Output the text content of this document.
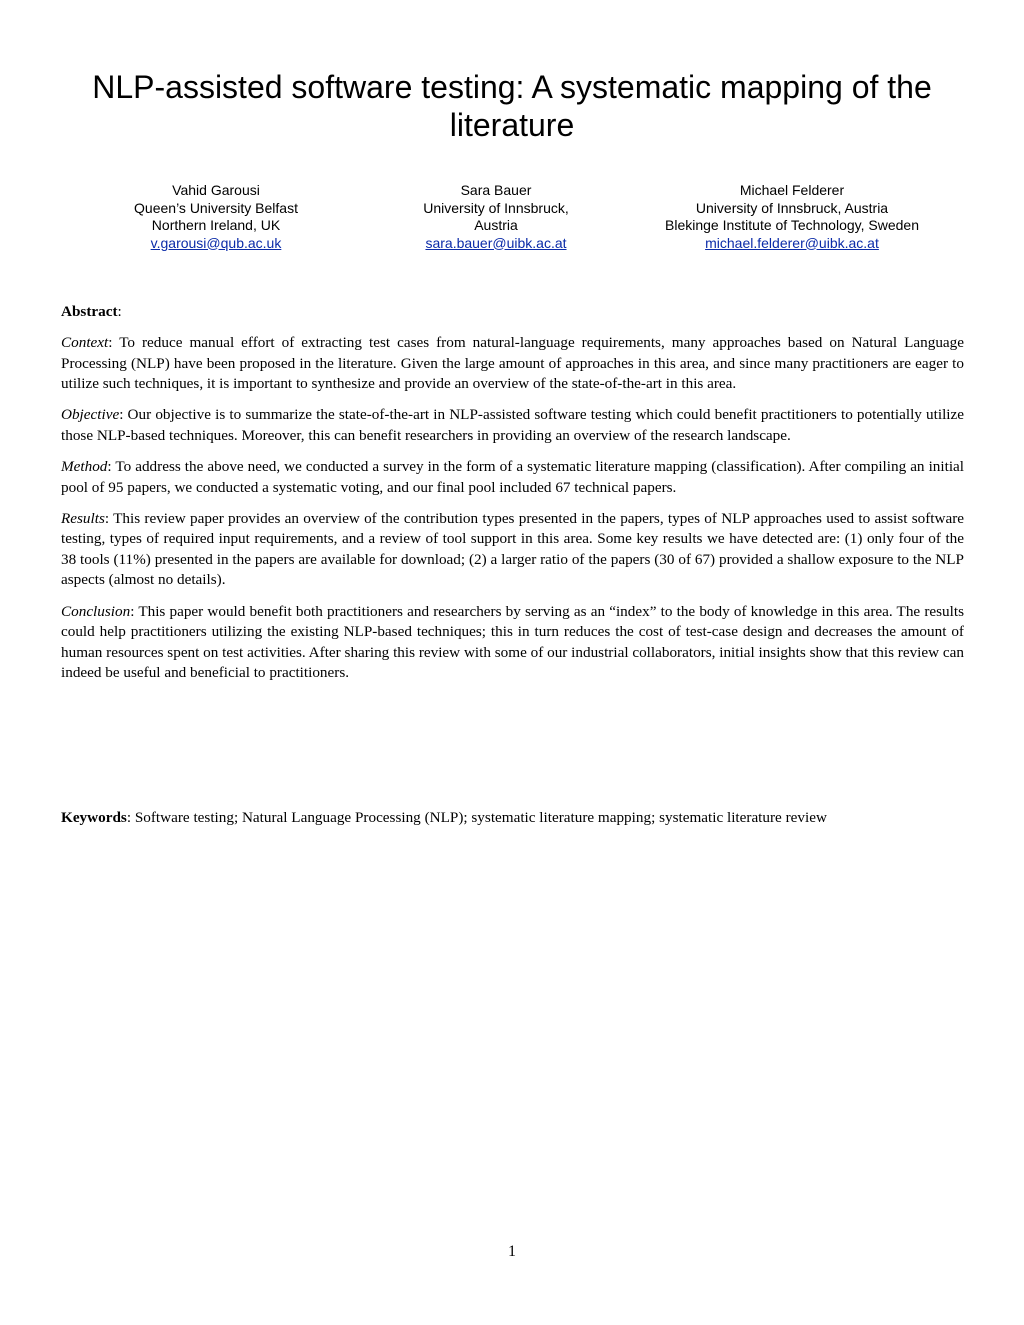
NLP-assisted software testing: A systematic mapping of the literature
Vahid Garousi
Queen’s University Belfast
Northern Ireland, UK
v.garousi@qub.ac.uk
Sara Bauer
University of Innsbruck,
Austria
sara.bauer@uibk.ac.at
Michael Felderer
University of Innsbruck, Austria
Blekinge Institute of Technology, Sweden
michael.felderer@uibk.ac.at
Abstract:

Context: To reduce manual effort of extracting test cases from natural-language requirements, many approaches based on Natural Language Processing (NLP) have been proposed in the literature. Given the large amount of approaches in this area, and since many practitioners are eager to utilize such techniques, it is important to synthesize and provide an overview of the state-of-the-art in this area.

Objective: Our objective is to summarize the state-of-the-art in NLP-assisted software testing which could benefit practitioners to potentially utilize those NLP-based techniques. Moreover, this can benefit researchers in providing an overview of the research landscape.

Method: To address the above need, we conducted a survey in the form of a systematic literature mapping (classification). After compiling an initial pool of 95 papers, we conducted a systematic voting, and our final pool included 67 technical papers.

Results: This review paper provides an overview of the contribution types presented in the papers, types of NLP approaches used to assist software testing, types of required input requirements, and a review of tool support in this area. Some key results we have detected are: (1) only four of the 38 tools (11%) presented in the papers are available for download; (2) a larger ratio of the papers (30 of 67) provided a shallow exposure to the NLP aspects (almost no details).

Conclusion: This paper would benefit both practitioners and researchers by serving as an “index” to the body of knowledge in this area. The results could help practitioners utilizing the existing NLP-based techniques; this in turn reduces the cost of test-case design and decreases the amount of human resources spent on test activities. After sharing this review with some of our industrial collaborators, initial insights show that this review can indeed be useful and beneficial to practitioners.

Keywords: Software testing; Natural Language Processing (NLP); systematic literature mapping; systematic literature review
1
